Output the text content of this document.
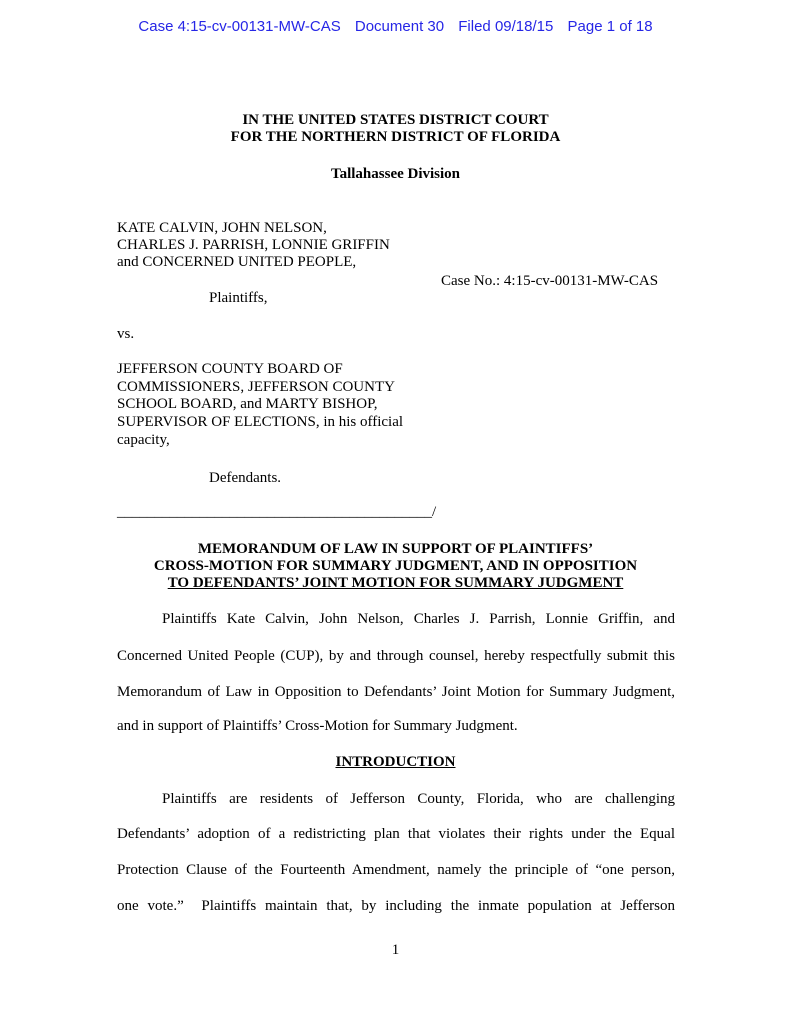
Case 4:15-cv-00131-MW-CAS Document 30 Filed 09/18/15 Page 1 of 18
IN THE UNITED STATES DISTRICT COURT
FOR THE NORTHERN DISTRICT OF FLORIDA
Tallahassee Division
KATE CALVIN, JOHN NELSON,
CHARLES J. PARRISH, LONNIE GRIFFIN
and CONCERNED UNITED PEOPLE,
Case No.: 4:15-cv-00131-MW-CAS
Plaintiffs,
vs.
JEFFERSON COUNTY BOARD OF
COMMISSIONERS, JEFFERSON COUNTY
SCHOOL BOARD, and MARTY BISHOP,
SUPERVISOR OF ELECTIONS, in his official
capacity,
Defendants.
__________________________________________/
MEMORANDUM OF LAW IN SUPPORT OF PLAINTIFFS’
CROSS-MOTION FOR SUMMARY JUDGMENT, AND IN OPPOSITION
TO DEFENDANTS’ JOINT MOTION FOR SUMMARY JUDGMENT
Plaintiffs Kate Calvin, John Nelson, Charles J. Parrish, Lonnie Griffin, and
Concerned United People (CUP), by and through counsel, hereby respectfully submit this
Memorandum of Law in Opposition to Defendants’ Joint Motion for Summary Judgment,
and in support of Plaintiffs’ Cross-Motion for Summary Judgment.
INTRODUCTION
Plaintiffs are residents of Jefferson County, Florida, who are challenging
Defendants’ adoption of a redistricting plan that violates their rights under the Equal
Protection Clause of the Fourteenth Amendment, namely the principle of “one person,
one vote.”  Plaintiffs maintain that, by including the inmate population at Jefferson
1
